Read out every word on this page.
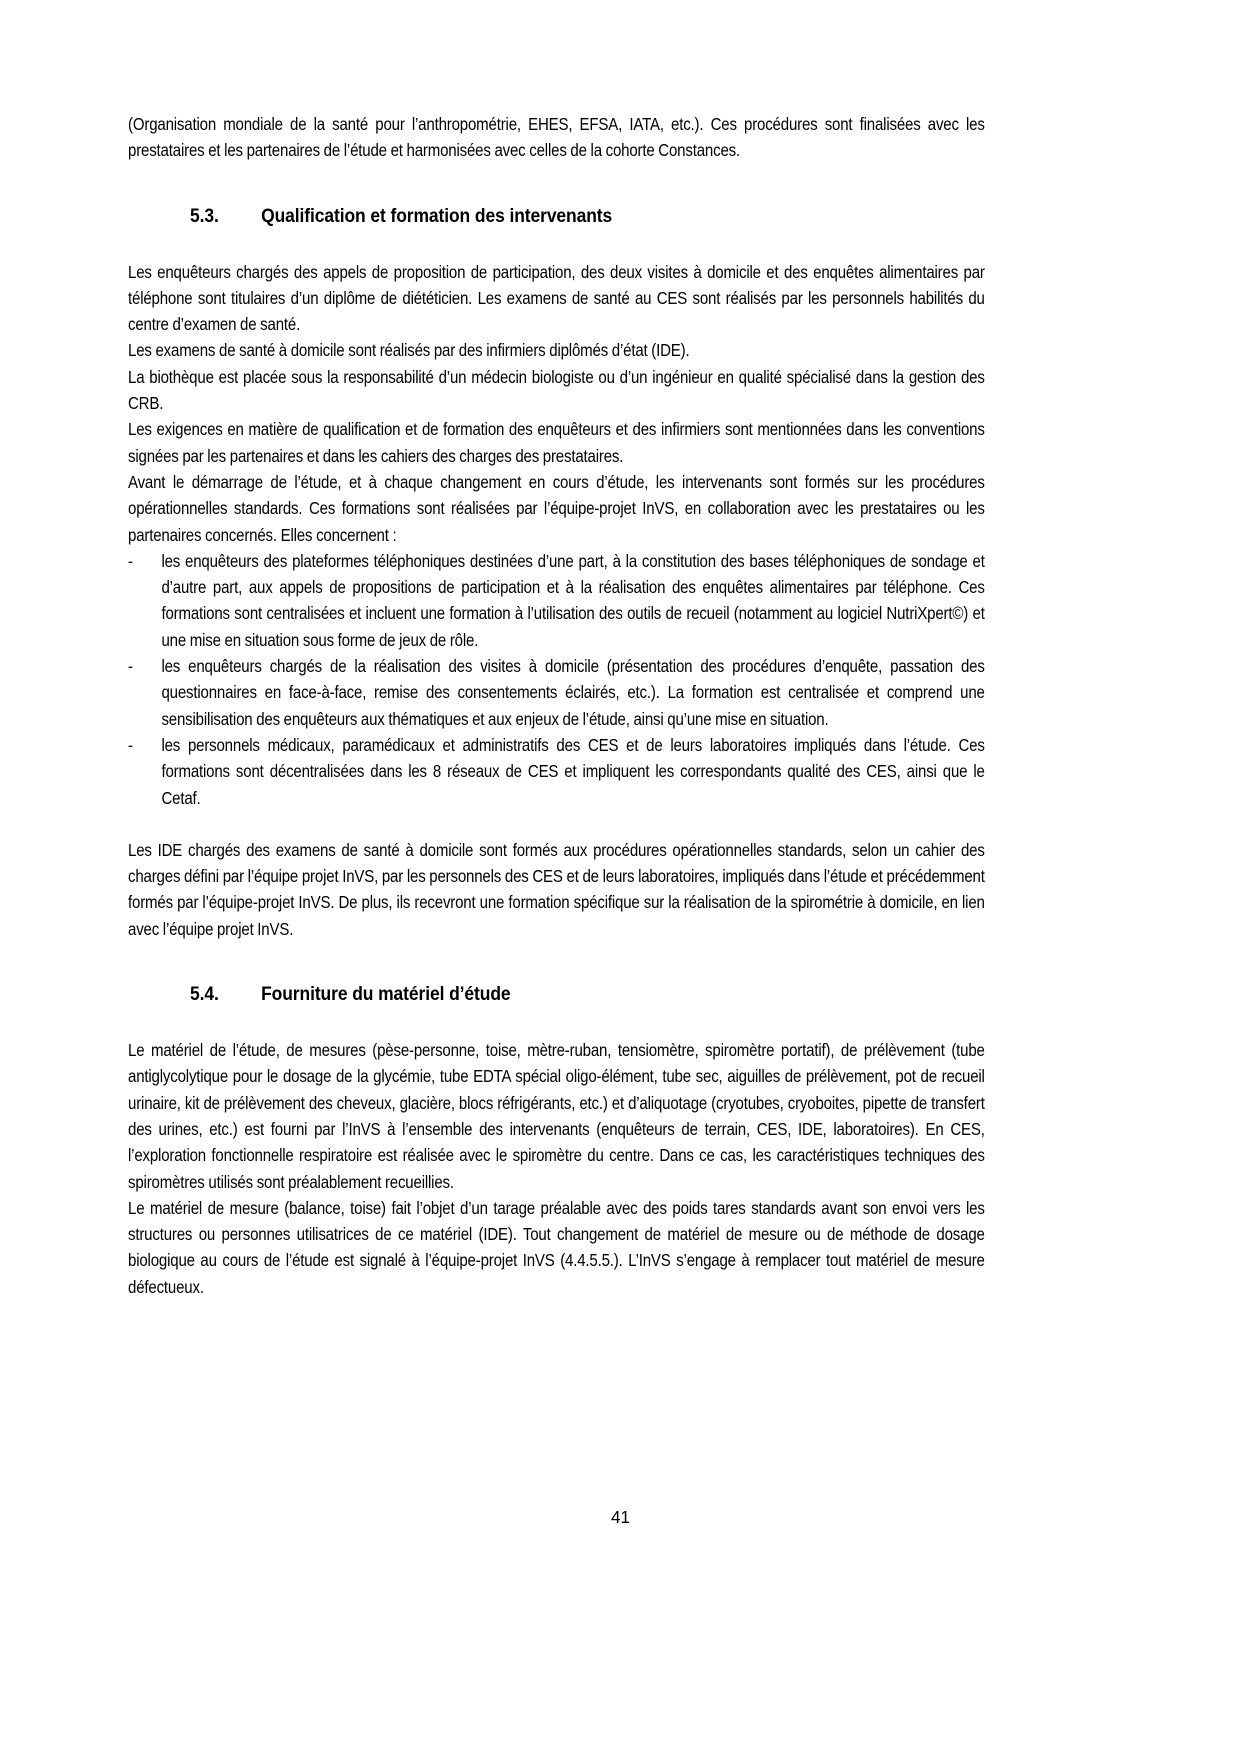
(Organisation mondiale de la santé pour l’anthropométrie, EHES, EFSA, IATA, etc.). Ces procédures sont finalisées avec les prestataires et les partenaires de l’étude et harmonisées avec celles de la cohorte Constances.

5.3.	Qualification et formation des intervenants

Les enquêteurs chargés des appels de proposition de participation, des deux visites à domicile et des enquêtes alimentaires par téléphone sont titulaires d’un diplôme de diététicien. Les examens de santé au CES sont réalisés par les personnels habilités du centre d’examen de santé.

Les examens de santé à domicile sont réalisés par des infirmiers diplômés d’état (IDE).

La biothèque est placée sous la responsabilité d’un médecin biologiste ou d’un ingénieur en qualité spécialisé dans la gestion des CRB.

Les exigences en matière de qualification et de formation des enquêteurs et des infirmiers sont mentionnées dans les conventions signées par les partenaires et dans les cahiers des charges des prestataires.

Avant le démarrage de l’étude, et à chaque changement en cours d’étude, les intervenants sont formés sur les procédures opérationnelles standards. Ces formations sont réalisées par l’équipe-projet InVS, en collaboration avec les prestataires ou les partenaires concernés. Elles concernent :

-	les enquêteurs des plateformes téléphoniques destinées d’une part, à la constitution des bases téléphoniques de sondage et d’autre part, aux appels de propositions de participation et à la réalisation des enquêtes alimentaires par téléphone. Ces formations sont centralisées et incluent une formation à l’utilisation des outils de recueil (notamment au logiciel NutriXpert©) et une mise en situation sous forme de jeux de rôle.
-	les enquêteurs chargés de la réalisation des visites à domicile (présentation des procédures d’enquête, passation des questionnaires en face-à-face, remise des consentements éclairés, etc.). La formation est centralisée et comprend une sensibilisation des enquêteurs aux thématiques et aux enjeux de l’étude, ainsi qu’une mise en situation.
-	les personnels médicaux, paramédicaux et administratifs des CES et de leurs laboratoires impliqués dans l’étude. Ces formations sont décentralisées dans les 8 réseaux de CES et impliquent les correspondants qualité des CES, ainsi que le Cetaf.

Les IDE chargés des examens de santé à domicile sont formés aux procédures opérationnelles standards, selon un cahier des charges défini par l’équipe projet InVS, par les personnels des CES et de leurs laboratoires, impliqués dans l’étude et précédemment formés par l’équipe-projet InVS. De plus, ils recevront une formation spécifique sur la réalisation de la spirométrie à domicile, en lien avec l’équipe projet InVS.

5.4.	Fourniture du matériel d’étude

Le matériel de l’étude, de mesures (pèse-personne, toise, mètre-ruban, tensiomètre, spiromètre portatif), de prélèvement (tube antiglycolytique pour le dosage de la glycémie, tube EDTA spécial oligo-élément, tube sec, aiguilles de prélèvement, pot de recueil urinaire, kit de prélèvement des cheveux, glacière, blocs réfrigérants, etc.) et d’aliquotage (cryotubes, cryoboites, pipette de transfert des urines, etc.) est fourni par l’InVS à l’ensemble des intervenants (enquêteurs de terrain, CES, IDE, laboratoires). En CES, l’exploration fonctionnelle respiratoire est réalisée avec le spiromètre du centre. Dans ce cas, les caractéristiques techniques des spiromètres utilisés sont préalablement recueillies.

Le matériel de mesure (balance, toise) fait l’objet d’un tarage préalable avec des poids tares standards avant son envoi vers les structures ou personnes utilisatrices de ce matériel (IDE). Tout changement de matériel de mesure ou de méthode de dosage biologique au cours de l’étude est signalé à l’équipe-projet InVS (4.4.5.5.). L’InVS s’engage à remplacer tout matériel de mesure défectueux.

41
